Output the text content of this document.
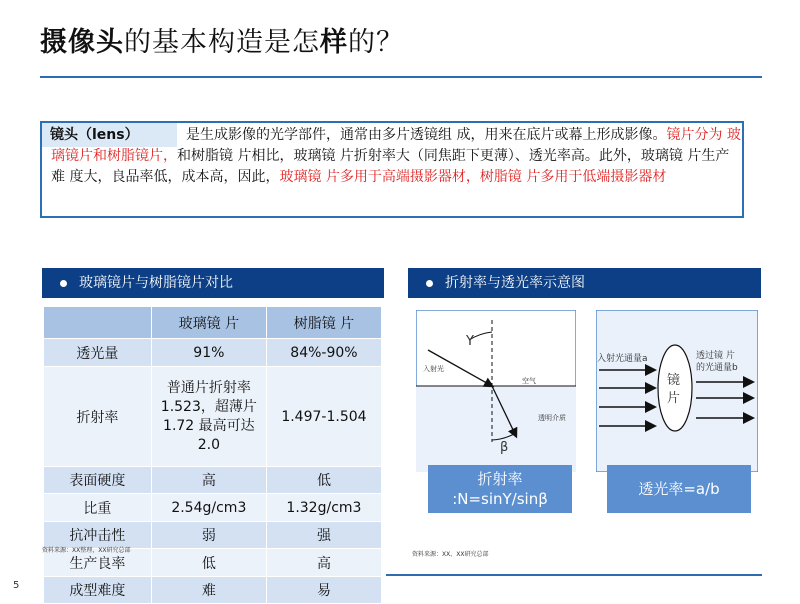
摄像头的基本构造是怎样的？
镜头（lens）	是生成影像的光学部件，通常由多片透镜组 成，用来在底片或幕上形成影像。镜片分为 玻璃镜片和树脂镜片，和树脂镜 片相比，玻璃镜 片折射率大（同焦距下更薄）、透光率高。此外，玻璃镜 片生产难 度大，良品率低，成本高，因此，玻璃镜 片多用于高端摄影器材，树脂镜 片多用于低端摄影器材
玻璃镜片与树脂镜片对比
	玻璃镜 片	树脂镜 片
透光量	91%	84%-90%
折射率	普通片折射率 1.523，超薄片 1.72 最高可达2.0	1.497-1.504
表面硬度	高	低
比重	2.54g/cm3	1.32g/cm3
抗冲击性	弱	强
生产良率	低	高
成型难度	难	易
资料来源：XX整理，XX研究总部
折射率与透光率示意图
入射光
空气
透明介质
Y
β
折射率
:N=sinY/sinβ
入射光通量a	透过镜 片
的光通量b
镜
片
透光率=a/b
资料来源：XX、XX研究总部
5
